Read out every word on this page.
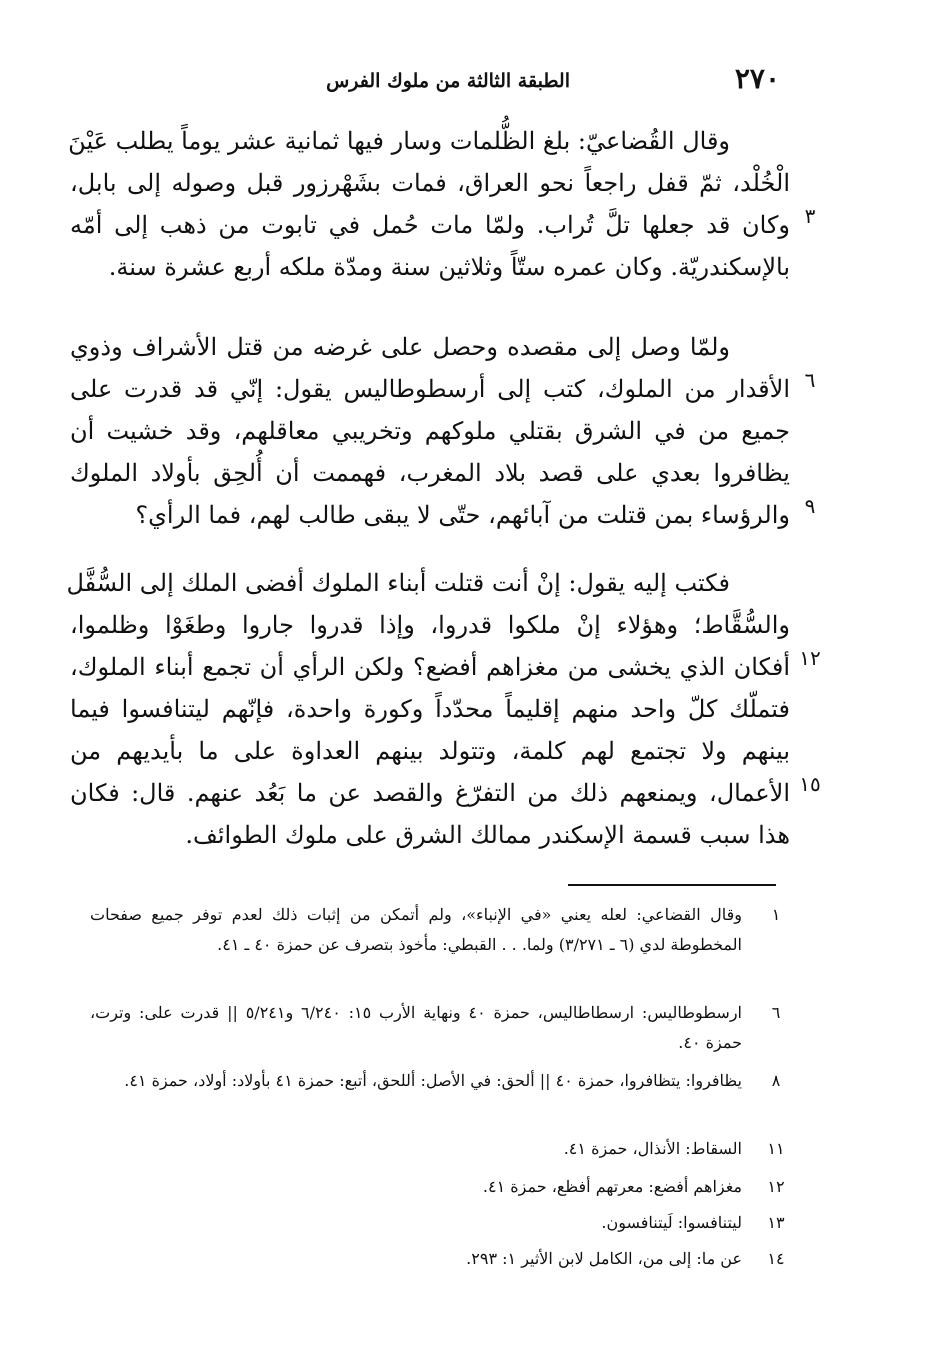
٢٧٠
الطبقة الثالثة من ملوك الفرس
وقال القُضاعيّ: بلغ الظُّلمات وسار فيها ثمانية عشر يوماً يطلب عَيْنَ
الْخُلْد، ثمّ قفل راجعاً نحو العراق، فمات بشَهْرزور قبل وصوله إلى بابل،
وكان قد جعلها تلَّ تُراب. ولمّا مات حُمل في تابوت من ذهب إلى أمّه
بالإسكندريّة. وكان عمره ستّاً وثلاثين سنة ومدّة ملكه أربع عشرة سنة.
ولمّا وصل إلى مقصده وحصل على غرضه من قتل الأشراف وذوي
الأقدار من الملوك، كتب إلى أرسطوطاليس يقول: إنّي قد قدرت على
جميع من في الشرق بقتلي ملوكهم وتخريبي معاقلهم، وقد خشيت أن
يظافروا بعدي على قصد بلاد المغرب، فهممت أن أُلحِق بأولاد الملوك
والرؤساء بمن قتلت من آبائهم، حتّى لا يبقى طالب لهم، فما الرأي؟
فكتب إليه يقول: إنْ أنت قتلت أبناء الملوك أفضى الملك إلى السُّفَّل
والسُّقَّاط؛ وهؤلاء إنْ ملكوا قدروا، وإذا قدروا جاروا وطغَوْا وظلموا،
أفكان الذي يخشى من مغزاهم أفضع؟ ولكن الرأي أن تجمع أبناء الملوك،
فتملّك كلّ واحد منهم إقليماً محدّداً وكورة واحدة، فإنّهم ليتنافسوا فيما
بينهم ولا تجتمع لهم كلمة، وتتولد بينهم العداوة على ما بأيديهم من
الأعمال، ويمنعهم ذلك من التفرّغ والقصد عن ما بَعُد عنهم. قال: فكان
هذا سبب قسمة الإسكندر ممالك الشرق على ملوك الطوائف.
٣
٦
٩
١٢
١٥
١
وقال القضاعي: لعله يعني «في الإنباء»، ولم أتمكن من إثبات ذلك لعدم توفر جميع صفحات المخطوطة لدي (٦ ـ ٣/٢٧١) ولما. . . القبطي: مأخوذ بتصرف عن حمزة ٤٠ ـ ٤١.
٦
ارسطوطاليس: ارسطاطاليس، حمزة ٤٠ ونهاية الأرب ١٥: ٦/٢٤٠ و٥/٢٤١ || قدرت على: وترت، حمزة ٤٠.
٨
يظافروا: يتظافروا، حمزة ٤٠ || ألحق: في الأصل: أللحق، أتبع: حمزة ٤١ بأولاد: أولاد، حمزة ٤١.
١١
السقاط: الأنذال، حمزة ٤١.
١٢
مغزاهم أفضع: معرتهم أفظع، حمزة ٤١.
١٣
ليتنافسوا: لَيتنافسون.
١٤
عن ما: إلى من، الكامل لابن الأثير ١: ٢٩٣.
